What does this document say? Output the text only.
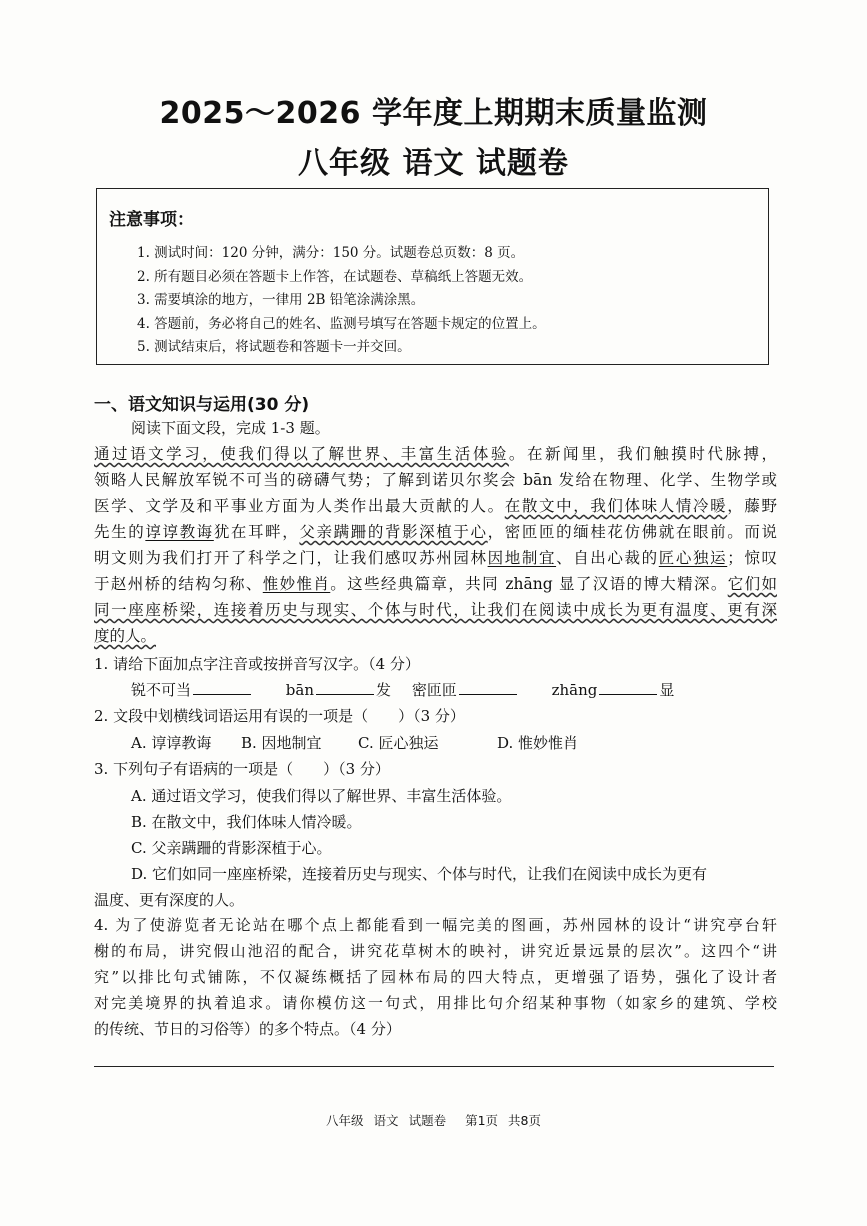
2025～2026 学年度上期期末质量监测
八年级 语文 试题卷
注意事项：
1. 测试时间：120 分钟，满分：150 分。试题卷总页数：8 页。
2. 所有题目必须在答题卡上作答，在试题卷、草稿纸上答题无效。
3. 需要填涂的地方，一律用 2B 铅笔涂满涂黑。
4. 答题前，务必将自己的姓名、监测号填写在答题卡规定的位置上。
5. 测试结束后，将试题卷和答题卡一并交回。
一、语文知识与运用(30 分)
阅读下面文段，完成 1-3 题。
通过语文学习，使我们得以了解世界、丰富生活体验。在新闻里，我们触摸时代脉搏，
领略人民解放军锐不可当的磅礴气势；了解到诺贝尔奖会 bān 发给在物理、化学、生物学或
医学、文学及和平事业方面为人类作出最大贡献的人。在散文中，我们体味人情冷暖，藤野
先生的谆谆教诲犹在耳畔，父亲蹒跚的背影深植于心，密匝匝的缅桂花仿佛就在眼前。而说
明文则为我们打开了科学之门，让我们感叹苏州园林因地制宜、自出心裁的匠心独运；惊叹
于赵州桥的结构匀称、惟妙惟肖。这些经典篇章，共同 zhāng 显了汉语的博大精深。它们如
同一座座桥梁，连接着历史与现实、个体与时代，让我们在阅读中成长为更有温度、更有深
度的人。
1. 请给下面加点字注音或按拼音写汉字。（4 分）
锐不可当	bān	发 密匝匝	zhāng	显
2. 文段中划横线词语运用有误的一项是（　　）（3 分）
A. 谆谆教诲 B. 因地制宜 C. 匠心独运	D. 惟妙惟肖
3. 下列句子有语病的一项是（　　）（3 分）
A. 通过语文学习，使我们得以了解世界、丰富生活体验。
B. 在散文中，我们体味人情冷暖。
C. 父亲蹒跚的背影深植于心。
D. 它们如同一座座桥梁，连接着历史与现实、个体与时代，让我们在阅读中成长为更有
温度、更有深度的人。
4. 为了使游览者无论站在哪个点上都能看到一幅完美的图画，苏州园林的设计“讲究亭台轩
榭的布局，讲究假山池沼的配合，讲究花草树木的映衬，讲究近景远景的层次”。这四个“讲
究”以排比句式铺陈，不仅凝练概括了园林布局的四大特点，更增强了语势，强化了设计者
对完美境界的执着追求。请你模仿这一句式，用排比句介绍某种事物（如家乡的建筑、学校
的传统、节日的习俗等）的多个特点。（4 分）
八年级 语文 试题卷 第1页 共8页
